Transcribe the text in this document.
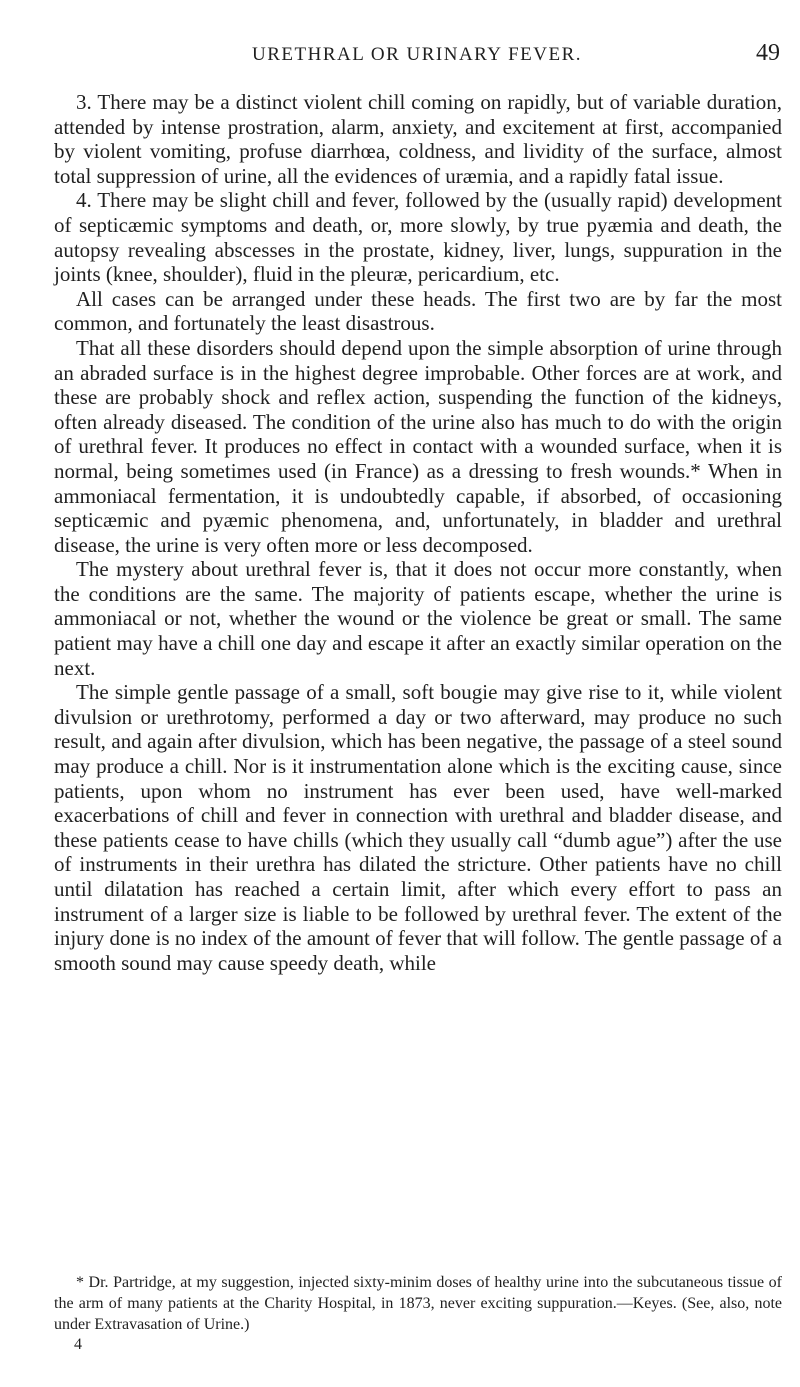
URETHRAL OR URINARY FEVER.	49

3. There may be a distinct violent chill coming on rapidly, but of variable duration, attended by intense prostration, alarm, anxiety, and excitement at first, accompanied by violent vomiting, profuse diarrhœa, coldness, and lividity of the surface, almost total suppression of urine, all the evidences of uræmia, and a rapidly fatal issue.

4. There may be slight chill and fever, followed by the (usually rapid) development of septicæmic symptoms and death, or, more slowly, by true pyæmia and death, the autopsy revealing abscesses in the prostate, kidney, liver, lungs, suppuration in the joints (knee, shoulder), fluid in the pleuræ, pericardium, etc.

All cases can be arranged under these heads. The first two are by far the most common, and fortunately the least disastrous.

That all these disorders should depend upon the simple absorption of urine through an abraded surface is in the highest degree improbable. Other forces are at work, and these are probably shock and reflex action, suspending the function of the kidneys, often already diseased. The condition of the urine also has much to do with the origin of urethral fever. It produces no effect in contact with a wounded surface, when it is normal, being sometimes used (in France) as a dressing to fresh wounds.* When in ammoniacal fermentation, it is undoubtedly capable, if absorbed, of occasioning septicæmic and pyæmic phenomena, and, unfortunately, in bladder and urethral disease, the urine is very often more or less decomposed.

The mystery about urethral fever is, that it does not occur more constantly, when the conditions are the same. The majority of patients escape, whether the urine is ammoniacal or not, whether the wound or the violence be great or small. The same patient may have a chill one day and escape it after an exactly similar operation on the next.

The simple gentle passage of a small, soft bougie may give rise to it, while violent divulsion or urethrotomy, performed a day or two afterward, may produce no such result, and again after divulsion, which has been negative, the passage of a steel sound may produce a chill. Nor is it instrumentation alone which is the exciting cause, since patients, upon whom no instrument has ever been used, have well-marked exacerbations of chill and fever in connection with urethral and bladder disease, and these patients cease to have chills (which they usually call “dumb ague”) after the use of instruments in their urethra has dilated the stricture. Other patients have no chill until dilatation has reached a certain limit, after which every effort to pass an instrument of a larger size is liable to be followed by urethral fever. The extent of the injury done is no index of the amount of fever that will follow. The gentle passage of a smooth sound may cause speedy death, while

* Dr. Partridge, at my suggestion, injected sixty-minim doses of healthy urine into the subcutaneous tissue of the arm of many patients at the Charity Hospital, in 1873, never exciting suppuration.—Keyes. (See, also, note under Extravasation of Urine.)

4
